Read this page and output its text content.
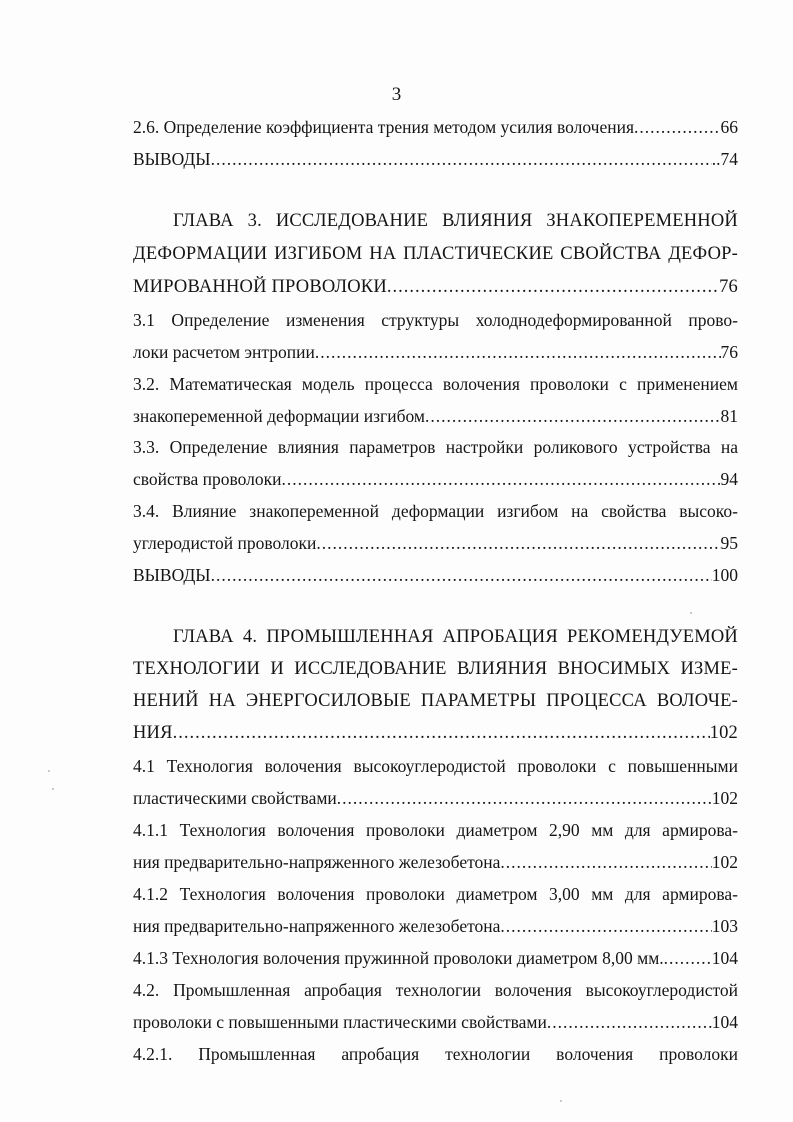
3
2.6. Определение коэффициента трения методом усилия волочения .....	66
ВЫВОДЫ .....	..74
ГЛАВА 3. ИССЛЕДОВАНИЕ ВЛИЯНИЯ ЗНАКОПЕРЕМЕННОЙ
ДЕФОРМАЦИИ ИЗГИБОМ НА ПЛАСТИЧЕСКИЕ СВОЙСТВА ДЕФОР-
МИРОВАННОЙ ПРОВОЛОКИ .....	76
3.1 Определение изменения структуры холоднодеформированной прово-
локи расчетом энтропии .....	76
3.2. Математическая модель процесса волочения проволоки с применением
знакопеременной деформации изгибом .....	81
3.3. Определение влияния параметров настройки роликового устройства на
свойства проволоки .....	94
3.4. Влияние знакопеременной деформации изгибом на свойства высоко-
углеродистой проволоки .....	95
ВЫВОДЫ .....	100
ГЛАВА 4. ПРОМЫШЛЕННАЯ АПРОБАЦИЯ РЕКОМЕНДУЕМОЙ
ТЕХНОЛОГИИ И ИССЛЕДОВАНИЕ ВЛИЯНИЯ ВНОСИМЫХ ИЗМЕ-
НЕНИЙ НА ЭНЕРГОСИЛОВЫЕ ПАРАМЕТРЫ ПРОЦЕССА ВОЛОЧЕ-
НИЯ .....	102
4.1 Технология волочения высокоуглеродистой проволоки с повышенными
пластическими свойствами .....	102
4.1.1 Технология волочения проволоки диаметром 2,90 мм для армирова-
ния предварительно-напряженного железобетона .....	102
4.1.2 Технология волочения проволоки диаметром 3,00 мм для армирова-
ния предварительно-напряженного железобетона .....	103
4.1.3 Технология волочения пружинной проволоки диаметром 8,00 мм. .....	104
4.2. Промышленная апробация технологии волочения высокоуглеродистой
проволоки с повышенными пластическими свойствами .....	104
4.2.1. Промышленная апробация технологии волочения проволоки
